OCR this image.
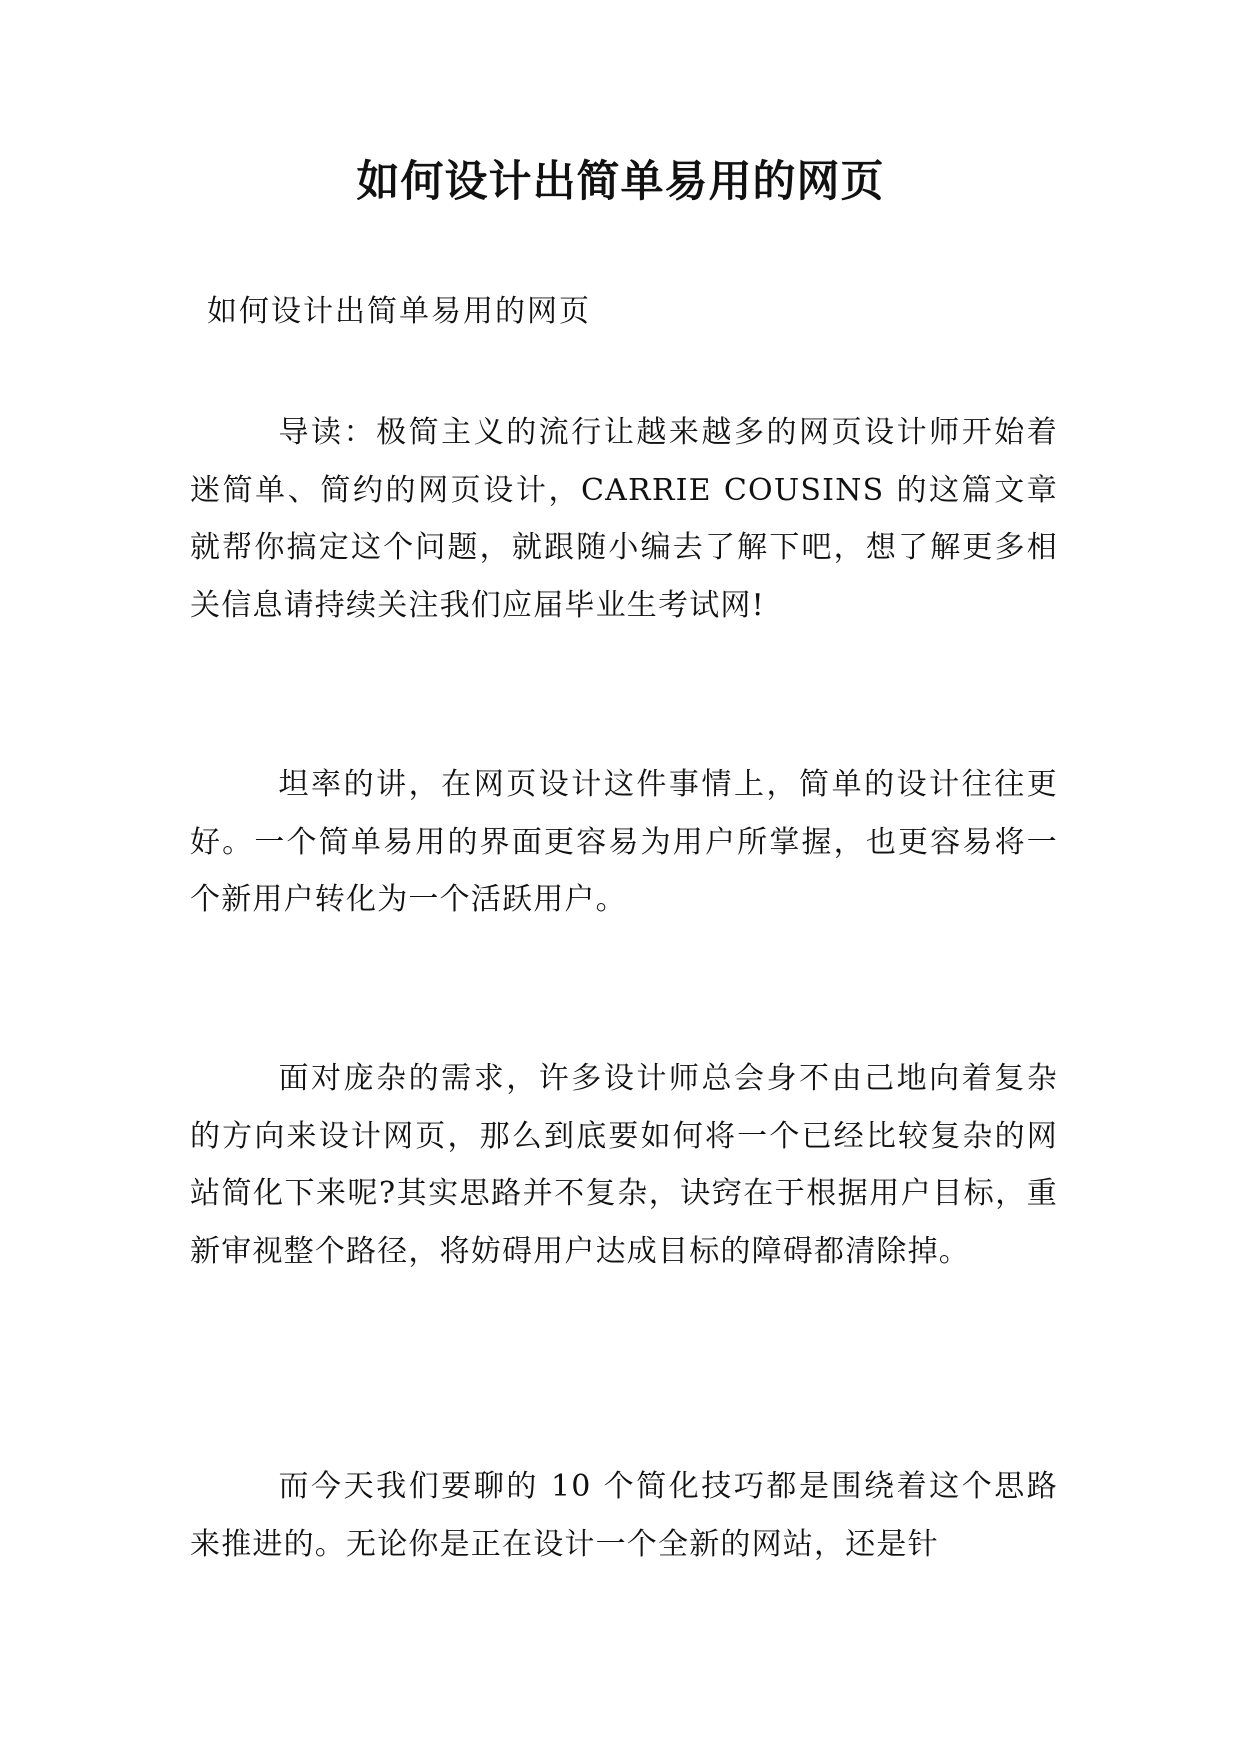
如何设计出简单易用的网页

如何设计出简单易用的网页

导读：极简主义的流行让越来越多的网页设计师开始着迷简单、简约的网页设计，CARRIE COUSINS 的这篇文章就帮你搞定这个问题，就跟随小编去了解下吧，想了解更多相关信息请持续关注我们应届毕业生考试网!

坦率的讲，在网页设计这件事情上，简单的设计往往更好。一个简单易用的界面更容易为用户所掌握，也更容易将一个新用户转化为一个活跃用户。

面对庞杂的需求，许多设计师总会身不由己地向着复杂的方向来设计网页，那么到底要如何将一个已经比较复杂的网站简化下来呢?其实思路并不复杂，诀窍在于根据用户目标，重新审视整个路径，将妨碍用户达成目标的障碍都清除掉。

而今天我们要聊的 10 个简化技巧都是围绕着这个思路来推进的。无论你是正在设计一个全新的网站，还是针
